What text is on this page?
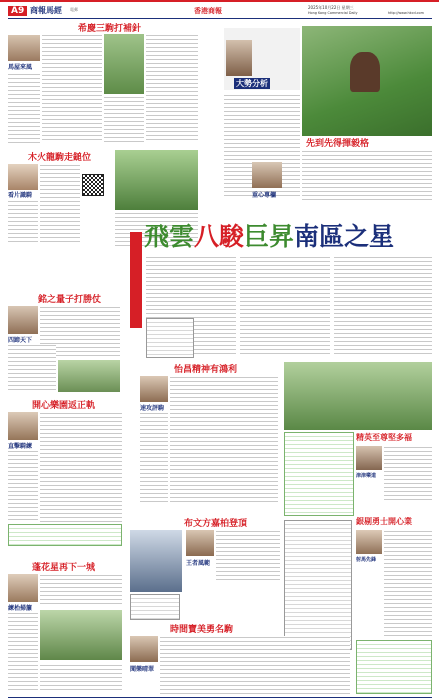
A9 商報馬經 電郵	香港商報	2025年10月22日 星期三
Hong Kong Commercial Daily	http://www.hkcd.com
希慶三駒打補針
馬屋來風
木火龍駒走鎚位
看片識騎
銘之量子打勝仗
四蹄天下
開心樂園返正軌
直擊騎練
蓬花星再下一城
練枱掃簾
大勢分析
先到先得揮毅格
重心專欄
飛雲八駿巨昇南區之星
怡昌精神有鴻利
速攻評駒
精英至尊堅多福
津津樂道
布文方嘉柏登頂
王者風範
銀剔勇士開心業
射馬先鋒
時間寶美勇名駒
聞樂晴翠
